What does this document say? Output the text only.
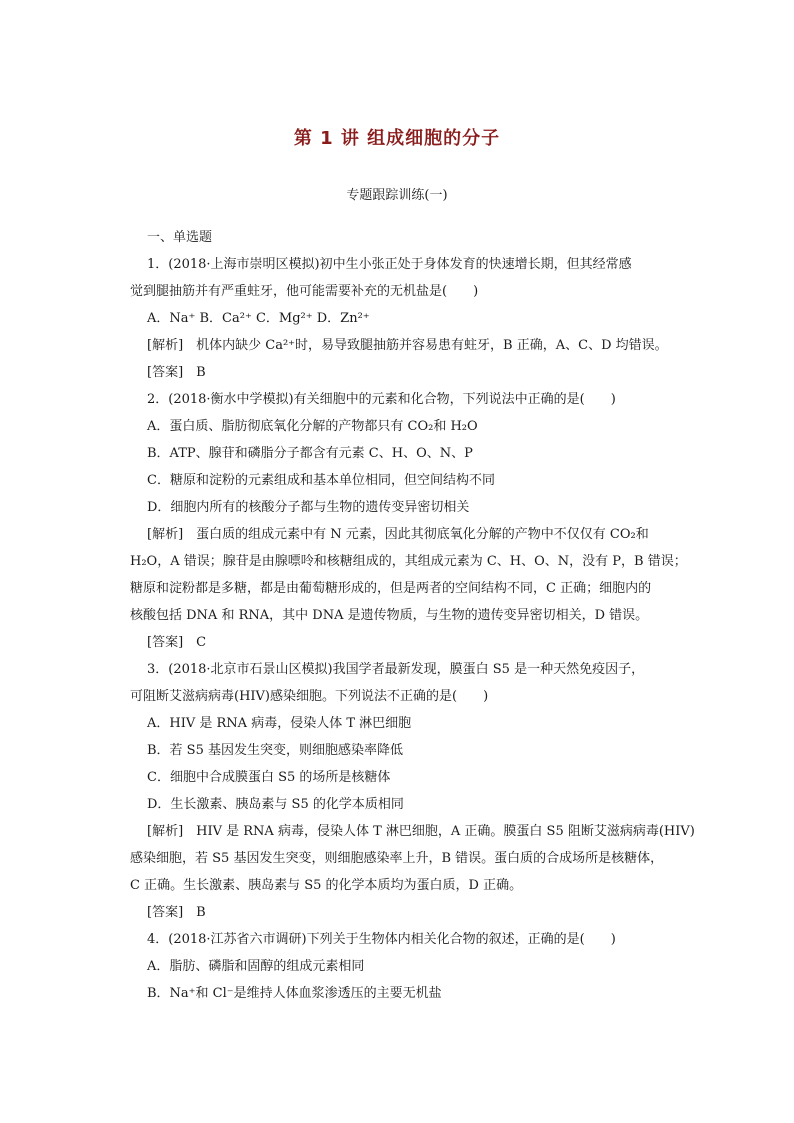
第 1 讲 组成细胞的分子
专题跟踪训练(一)
一、单选题
1．(2018·上海市崇明区模拟)初中生小张正处于身体发育的快速增长期，但其经常感
觉到腿抽筋并有严重蛀牙，他可能需要补充的无机盐是(　　)
A．Na⁺ B．Ca²⁺ C．Mg²⁺ D．Zn²⁺
[解析]　机体内缺少 Ca²⁺时，易导致腿抽筋并容易患有蛀牙，B 正确，A、C、D 均错误。
[答案]　 B
2．(2018·衡水中学模拟)有关细胞中的元素和化合物，下列说法中正确的是(　　)
A．蛋白质、脂肪彻底氧化分解的产物都只有 CO₂和 H₂O
B．ATP、腺苷和磷脂分子都含有元素 C、H、O、N、P
C．糖原和淀粉的元素组成和基本单位相同，但空间结构不同
D．细胞内所有的核酸分子都与生物的遗传变异密切相关
[解析]　蛋白质的组成元素中有 N 元素，因此其彻底氧化分解的产物中不仅仅有 CO₂和
H₂O，A 错误；腺苷是由腺嘌呤和核糖组成的，其组成元素为 C、H、O、N，没有 P，B 错误；
糖原和淀粉都是多糖，都是由葡萄糖形成的，但是两者的空间结构不同，C 正确；细胞内的
核酸包括 DNA 和 RNA，其中 DNA 是遗传物质，与生物的遗传变异密切相关，D 错误。
[答案]　 C
3．(2018·北京市石景山区模拟)我国学者最新发现，膜蛋白 S5 是一种天然免疫因子，
可阻断艾滋病病毒(HIV)感染细胞。下列说法不正确的是(　　)
A．HIV 是 RNA 病毒，侵染人体 T 淋巴细胞
B．若 S5 基因发生突变，则细胞感染率降低
C．细胞中合成膜蛋白 S5 的场所是核糖体
D．生长激素、胰岛素与 S5 的化学本质相同
[解析]　HIV 是 RNA 病毒，侵染人体 T 淋巴细胞，A 正确。膜蛋白 S5 阻断艾滋病病毒(HIV)
感染细胞，若 S5 基因发生突变，则细胞感染率上升，B 错误。蛋白质的合成场所是核糖体，
C 正确。生长激素、胰岛素与 S5 的化学本质均为蛋白质，D 正确。
[答案]　 B
4．(2018·江苏省六市调研)下列关于生物体内相关化合物的叙述，正确的是(　　)
A．脂肪、磷脂和固醇的组成元素相同
B．Na⁺和 Cl⁻是维持人体血浆渗透压的主要无机盐
